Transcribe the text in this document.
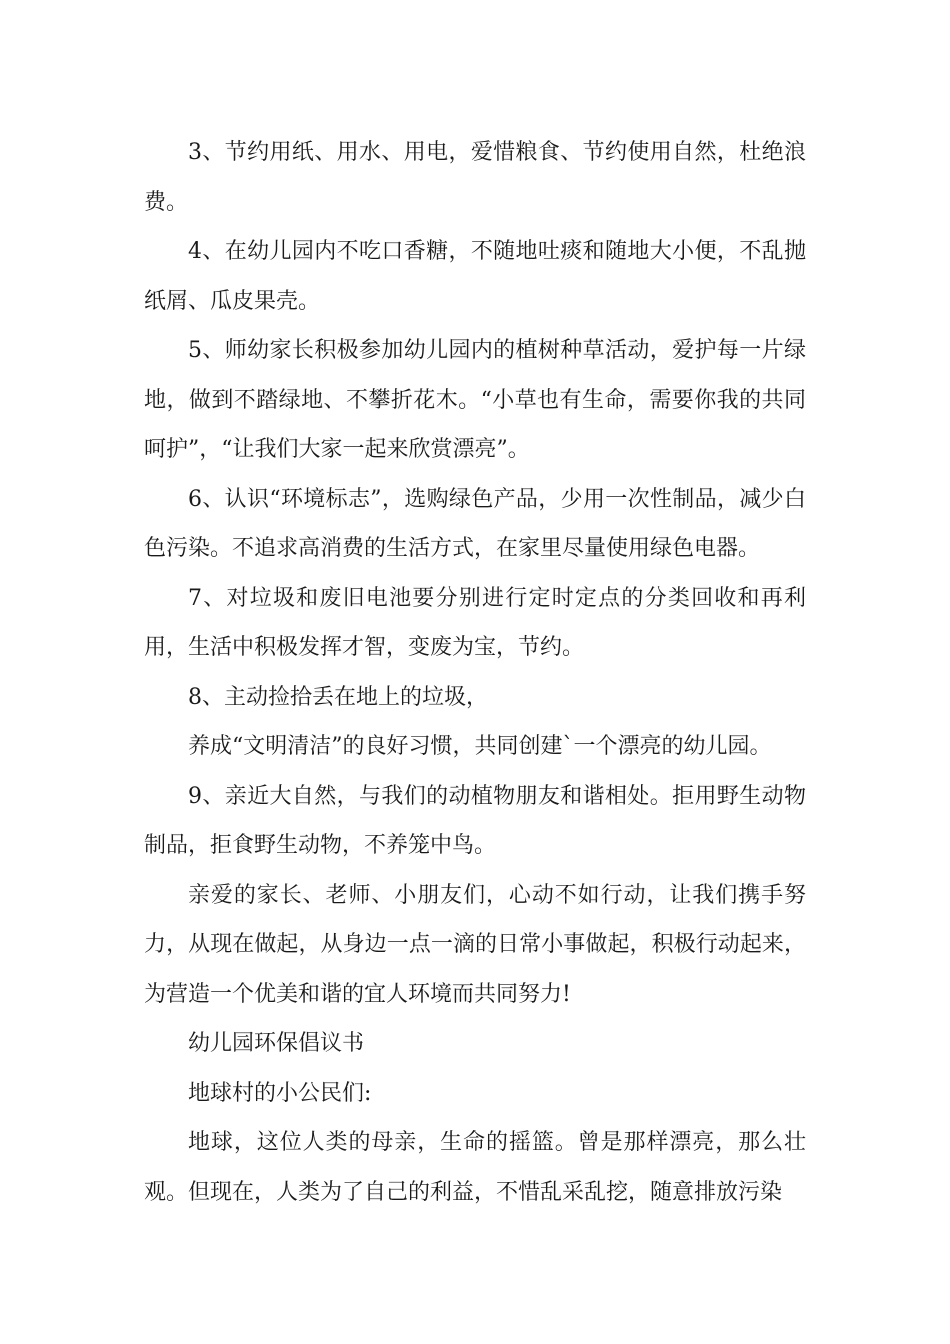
3、节约用纸、用水、用电，爱惜粮食、节约使用自然，杜绝浪费。

4、在幼儿园内不吃口香糖，不随地吐痰和随地大小便，不乱抛纸屑、瓜皮果壳。

5、师幼家长积极参加幼儿园内的植树种草活动，爱护每一片绿地，做到不踏绿地、不攀折花木。“小草也有生命，需要你我的共同呵护”，“让我们大家一起来欣赏漂亮”。

6、认识“环境标志”，选购绿色产品，少用一次性制品，减少白色污染。不追求高消费的生活方式，在家里尽量使用绿色电器。

7、对垃圾和废旧电池要分别进行定时定点的分类回收和再利用，生活中积极发挥才智，变废为宝，节约。

8、主动捡拾丢在地上的垃圾，

养成“文明清洁”的良好习惯，共同创建`一个漂亮的幼儿园。

9、亲近大自然，与我们的动植物朋友和谐相处。拒用野生动物制品，拒食野生动物，不养笼中鸟。

亲爱的家长、老师、小朋友们，心动不如行动，让我们携手努力，从现在做起，从身边一点一滴的日常小事做起，积极行动起来，为营造一个优美和谐的宜人环境而共同努力!

幼儿园环保倡议书

地球村的小公民们:

地球，这位人类的母亲，生命的摇篮。曾是那样漂亮，那么壮观。但现在，人类为了自己的利益，不惜乱采乱挖，随意排放污染
